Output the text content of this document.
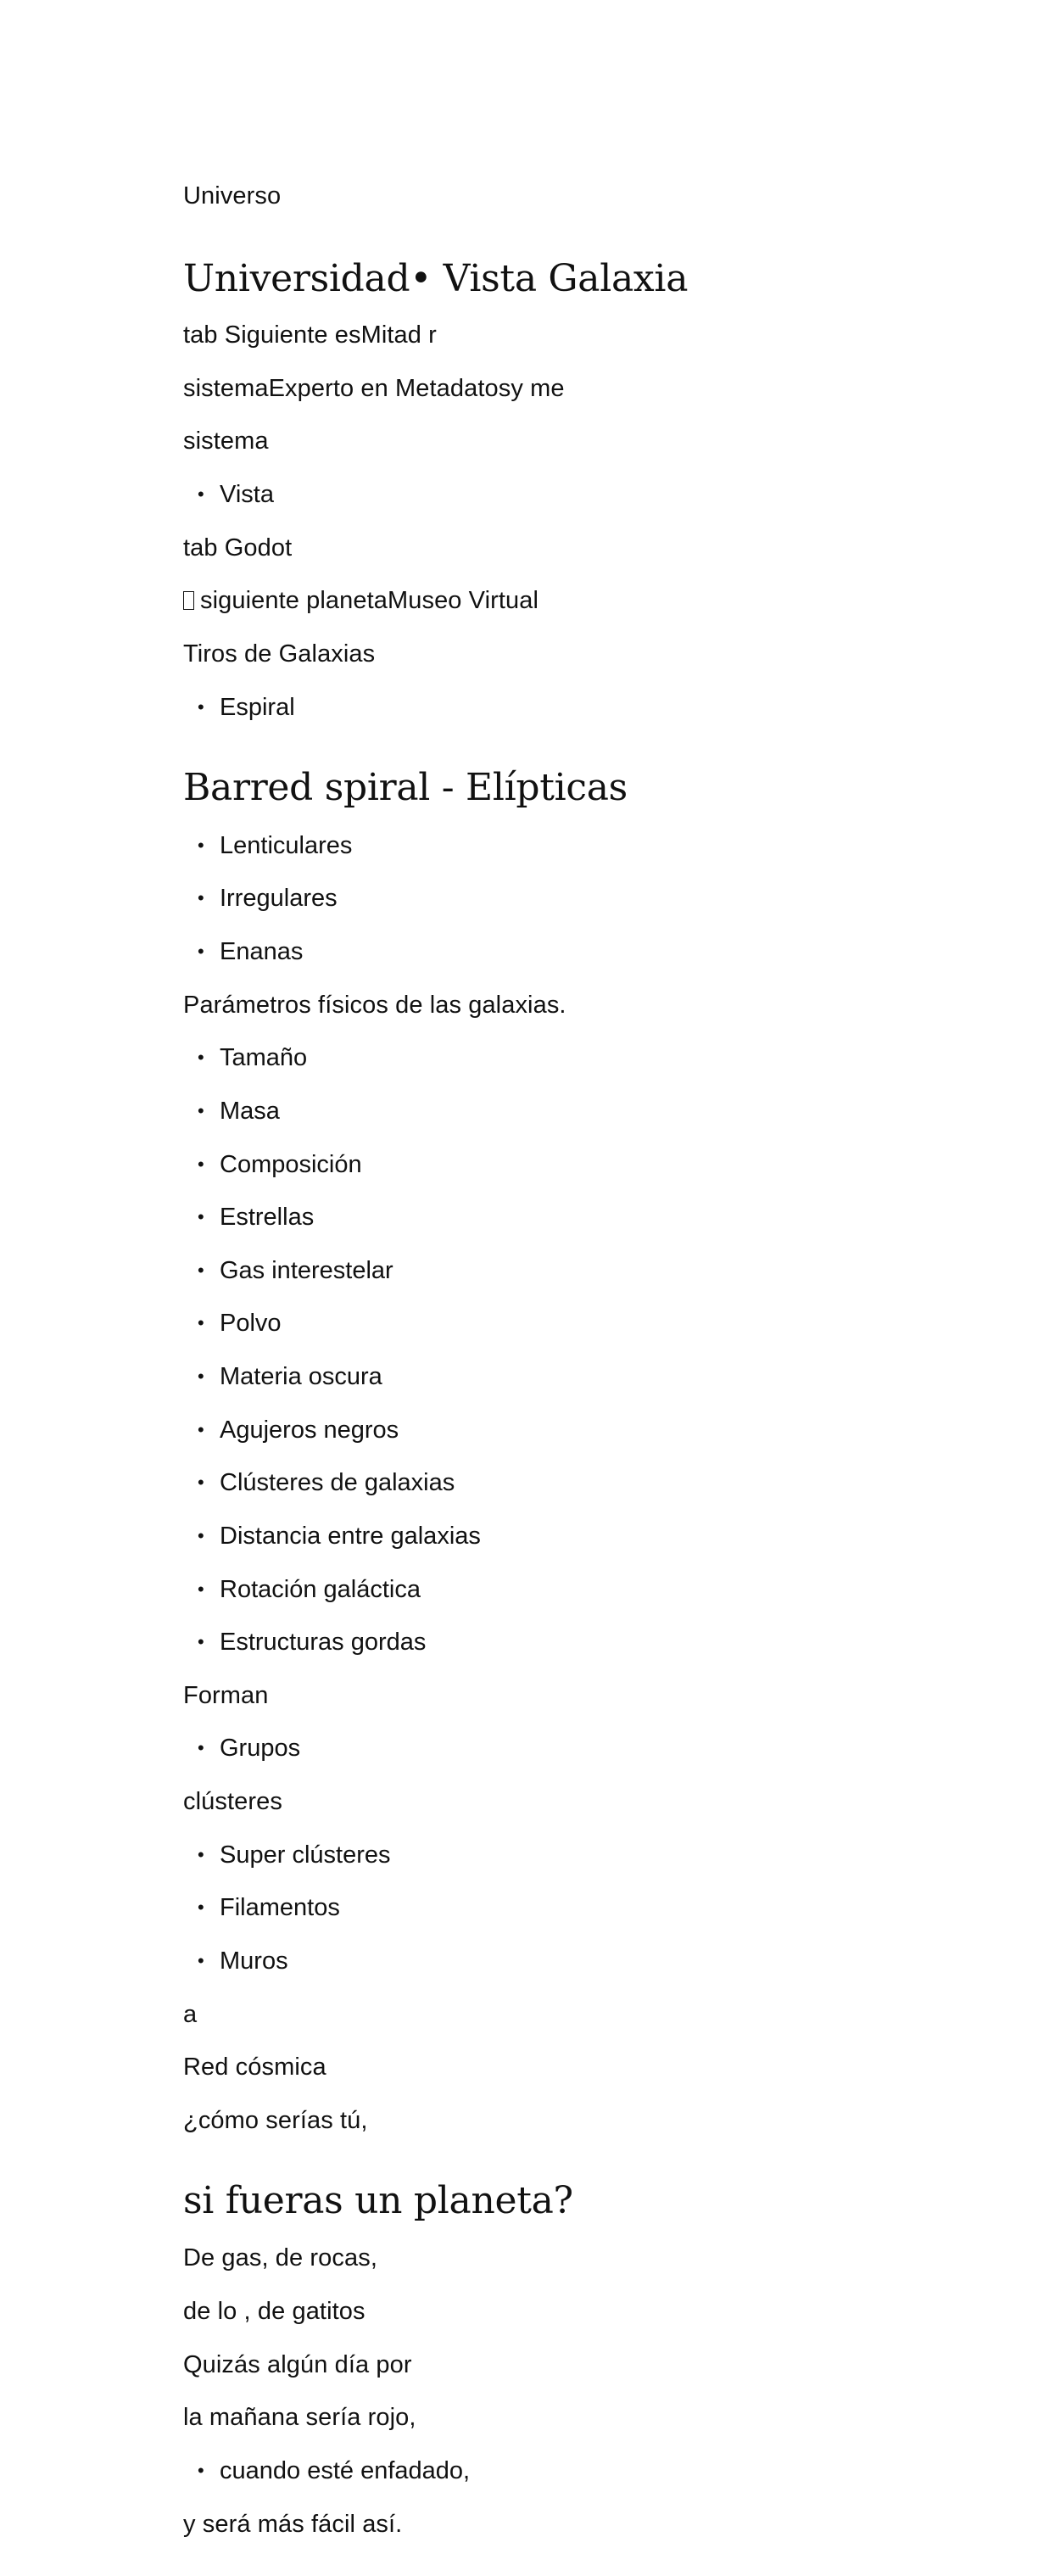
Universo
Universidad• Vista Galaxia
tab Siguiente esMitad r
sistemaExperto en Metadatosy me
sistema
• Vista
tab Godot
siguiente planetaMuseo Virtual
Tiros de Galaxias
• Espiral
Barred spiral - Elípticas
• Lenticulares
• Irregulares
• Enanas
Parámetros físicos de las galaxias.
• Tamaño
• Masa
• Composición
• Estrellas
• Gas interestelar
• Polvo
• Materia oscura
• Agujeros negros
• Clústeres de galaxias
• Distancia entre galaxias
• Rotación galáctica
• Estructuras gordas
Forman
• Grupos
clústeres
• Super clústeres
• Filamentos
• Muros
a
Red cósmica
¿cómo serías tú,
si fueras un planeta?
De gas, de rocas,
de lo , de gatitos
Quizás algún día por
la mañana sería rojo,
• cuando esté enfadado,
y será más fácil así.
